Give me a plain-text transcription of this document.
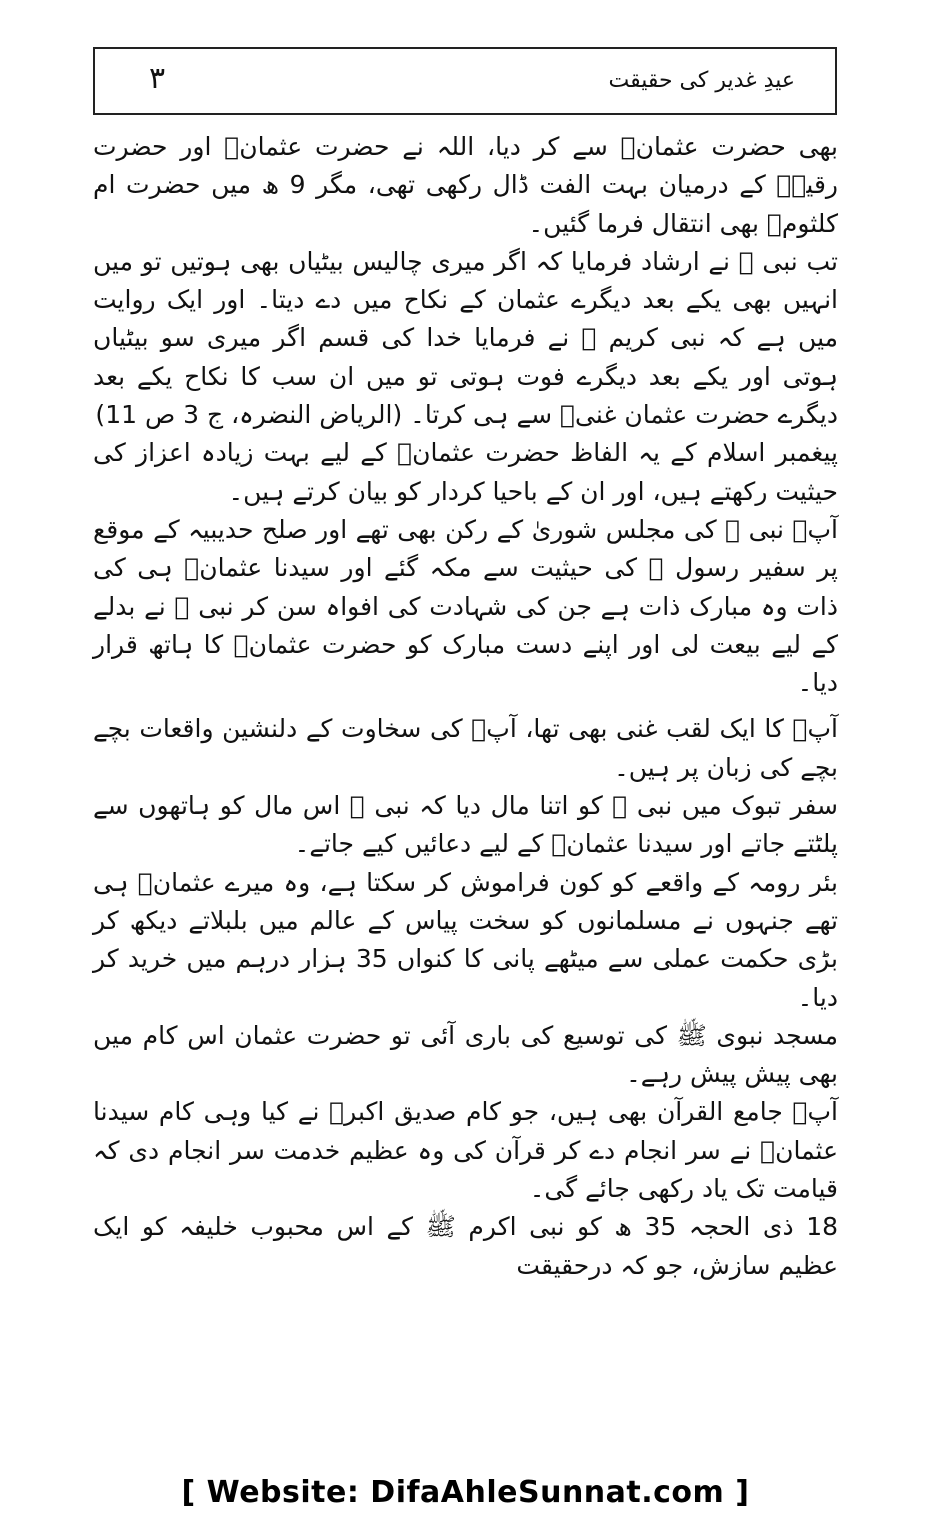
۳	عیدِ غدیر کی حقیقت

بھی حضرت عثمانؓ سے کر دیا، اللہ نے حضرت عثمانؓ اور حضرت رقیہؓ کے درمیان بہت الفت ڈال رکھی تھی، مگر 9 ھ میں حضرت ام کلثومؓ بھی انتقال فرما گئیں۔

تب نبی ﷺ نے ارشاد فرمایا کہ اگر میری چالیس بیٹیاں بھی ہوتیں تو میں انہیں بھی یکے بعد دیگرے عثمان کے نکاح میں دے دیتا۔ اور ایک روایت میں ہے کہ نبی کریم ﷺ نے فرمایا خدا کی قسم اگر میری سو بیٹیاں ہوتی اور یکے بعد دیگرے فوت ہوتی تو میں ان سب کا نکاح یکے بعد دیگرے حضرت عثمان غنیؓ سے ہی کرتا۔ (الریاض النضرہ، ج 3 ص 11)

پیغمبر اسلام کے یہ الفاظ حضرت عثمانؓ کے لیے بہت زیادہ اعزاز کی حیثیت رکھتے ہیں، اور ان کے باحیا کردار کو بیان کرتے ہیں۔

آپؓ نبی ﷺ کی مجلس شوریٰ کے رکن بھی تھے اور صلح حدیبیہ کے موقع پر سفیر رسول ﷺ کی حیثیت سے مکہ گئے اور سیدنا عثمانؓ ہی کی ذات وہ مبارک ذات ہے جن کی شہادت کی افواہ سن کر نبی ﷺ نے بدلے کے لیے بیعت لی اور اپنے دست مبارک کو حضرت عثمانؓ کا ہاتھ قرار دیا۔

آپؓ کا ایک لقب غنی بھی تھا، آپؓ کی سخاوت کے دلنشین واقعات بچے بچے کی زبان پر ہیں۔

سفر تبوک میں نبی ﷺ کو اتنا مال دیا کہ نبی ﷺ اس مال کو ہاتھوں سے پلٹتے جاتے اور سیدنا عثمانؓ کے لیے دعائیں کیے جاتے۔

بئر رومہ کے واقعے کو کون فراموش کر سکتا ہے، وہ میرے عثمانؓ ہی تھے جنہوں نے مسلمانوں کو سخت پیاس کے عالم میں بلبلاتے دیکھ کر بڑی حکمت عملی سے میٹھے پانی کا کنواں 35 ہزار درہم میں خرید کر دیا۔

مسجد نبوی ﷺ کی توسیع کی باری آئی تو حضرت عثمان اس کام میں بھی پیش پیش رہے۔

آپؓ جامع القرآن بھی ہیں، جو کام صدیق اکبرؓ نے کیا وہی کام سیدنا عثمانؓ نے سر انجام دے کر قرآن کی وہ عظیم خدمت سر انجام دی کہ قیامت تک یاد رکھی جائے گی۔

18 ذی الحجہ 35 ھ کو نبی اکرم ﷺ کے اس محبوب خلیفہ کو ایک عظیم سازش، جو کہ درحقیقت

[ Website: DifaAhleSunnat.com ]
